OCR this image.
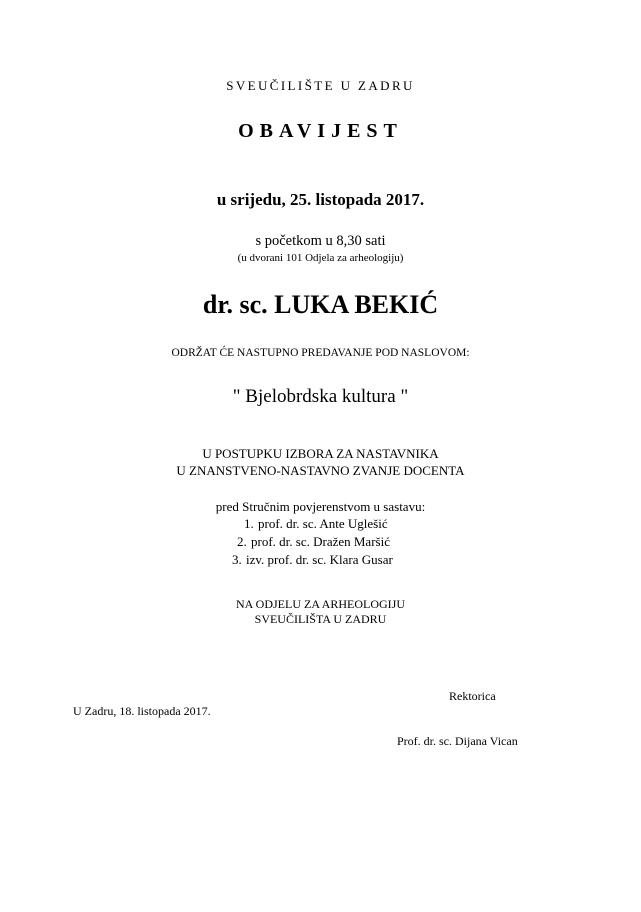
SVEUČILIŠTE U ZADRU
OBAVIJEST
u srijedu, 25. listopada 2017.
s početkom u 8,30 sati
(u dvorani 101 Odjela za arheologiju)
dr. sc. LUKA BEKIĆ
ODRŽAT ĆE NASTUPNO PREDAVANJE POD NASLOVOM:
" Bjelobrdska kultura "
U POSTUPKU IZBORA ZA NASTAVNIKA
U ZNANSTVENO-NASTAVNO ZVANJE DOCENTA
pred Stručnim povjerenstvom u sastavu:
1. prof. dr. sc. Ante Uglešić
2. prof. dr. sc. Dražen Maršić
3. izv. prof. dr. sc. Klara Gusar
NA ODJELU ZA ARHEOLOGIJU
SVEUČILIŠTA U ZADRU
Rektorica
U Zadru, 18. listopada 2017.
Prof. dr. sc. Dijana Vican
